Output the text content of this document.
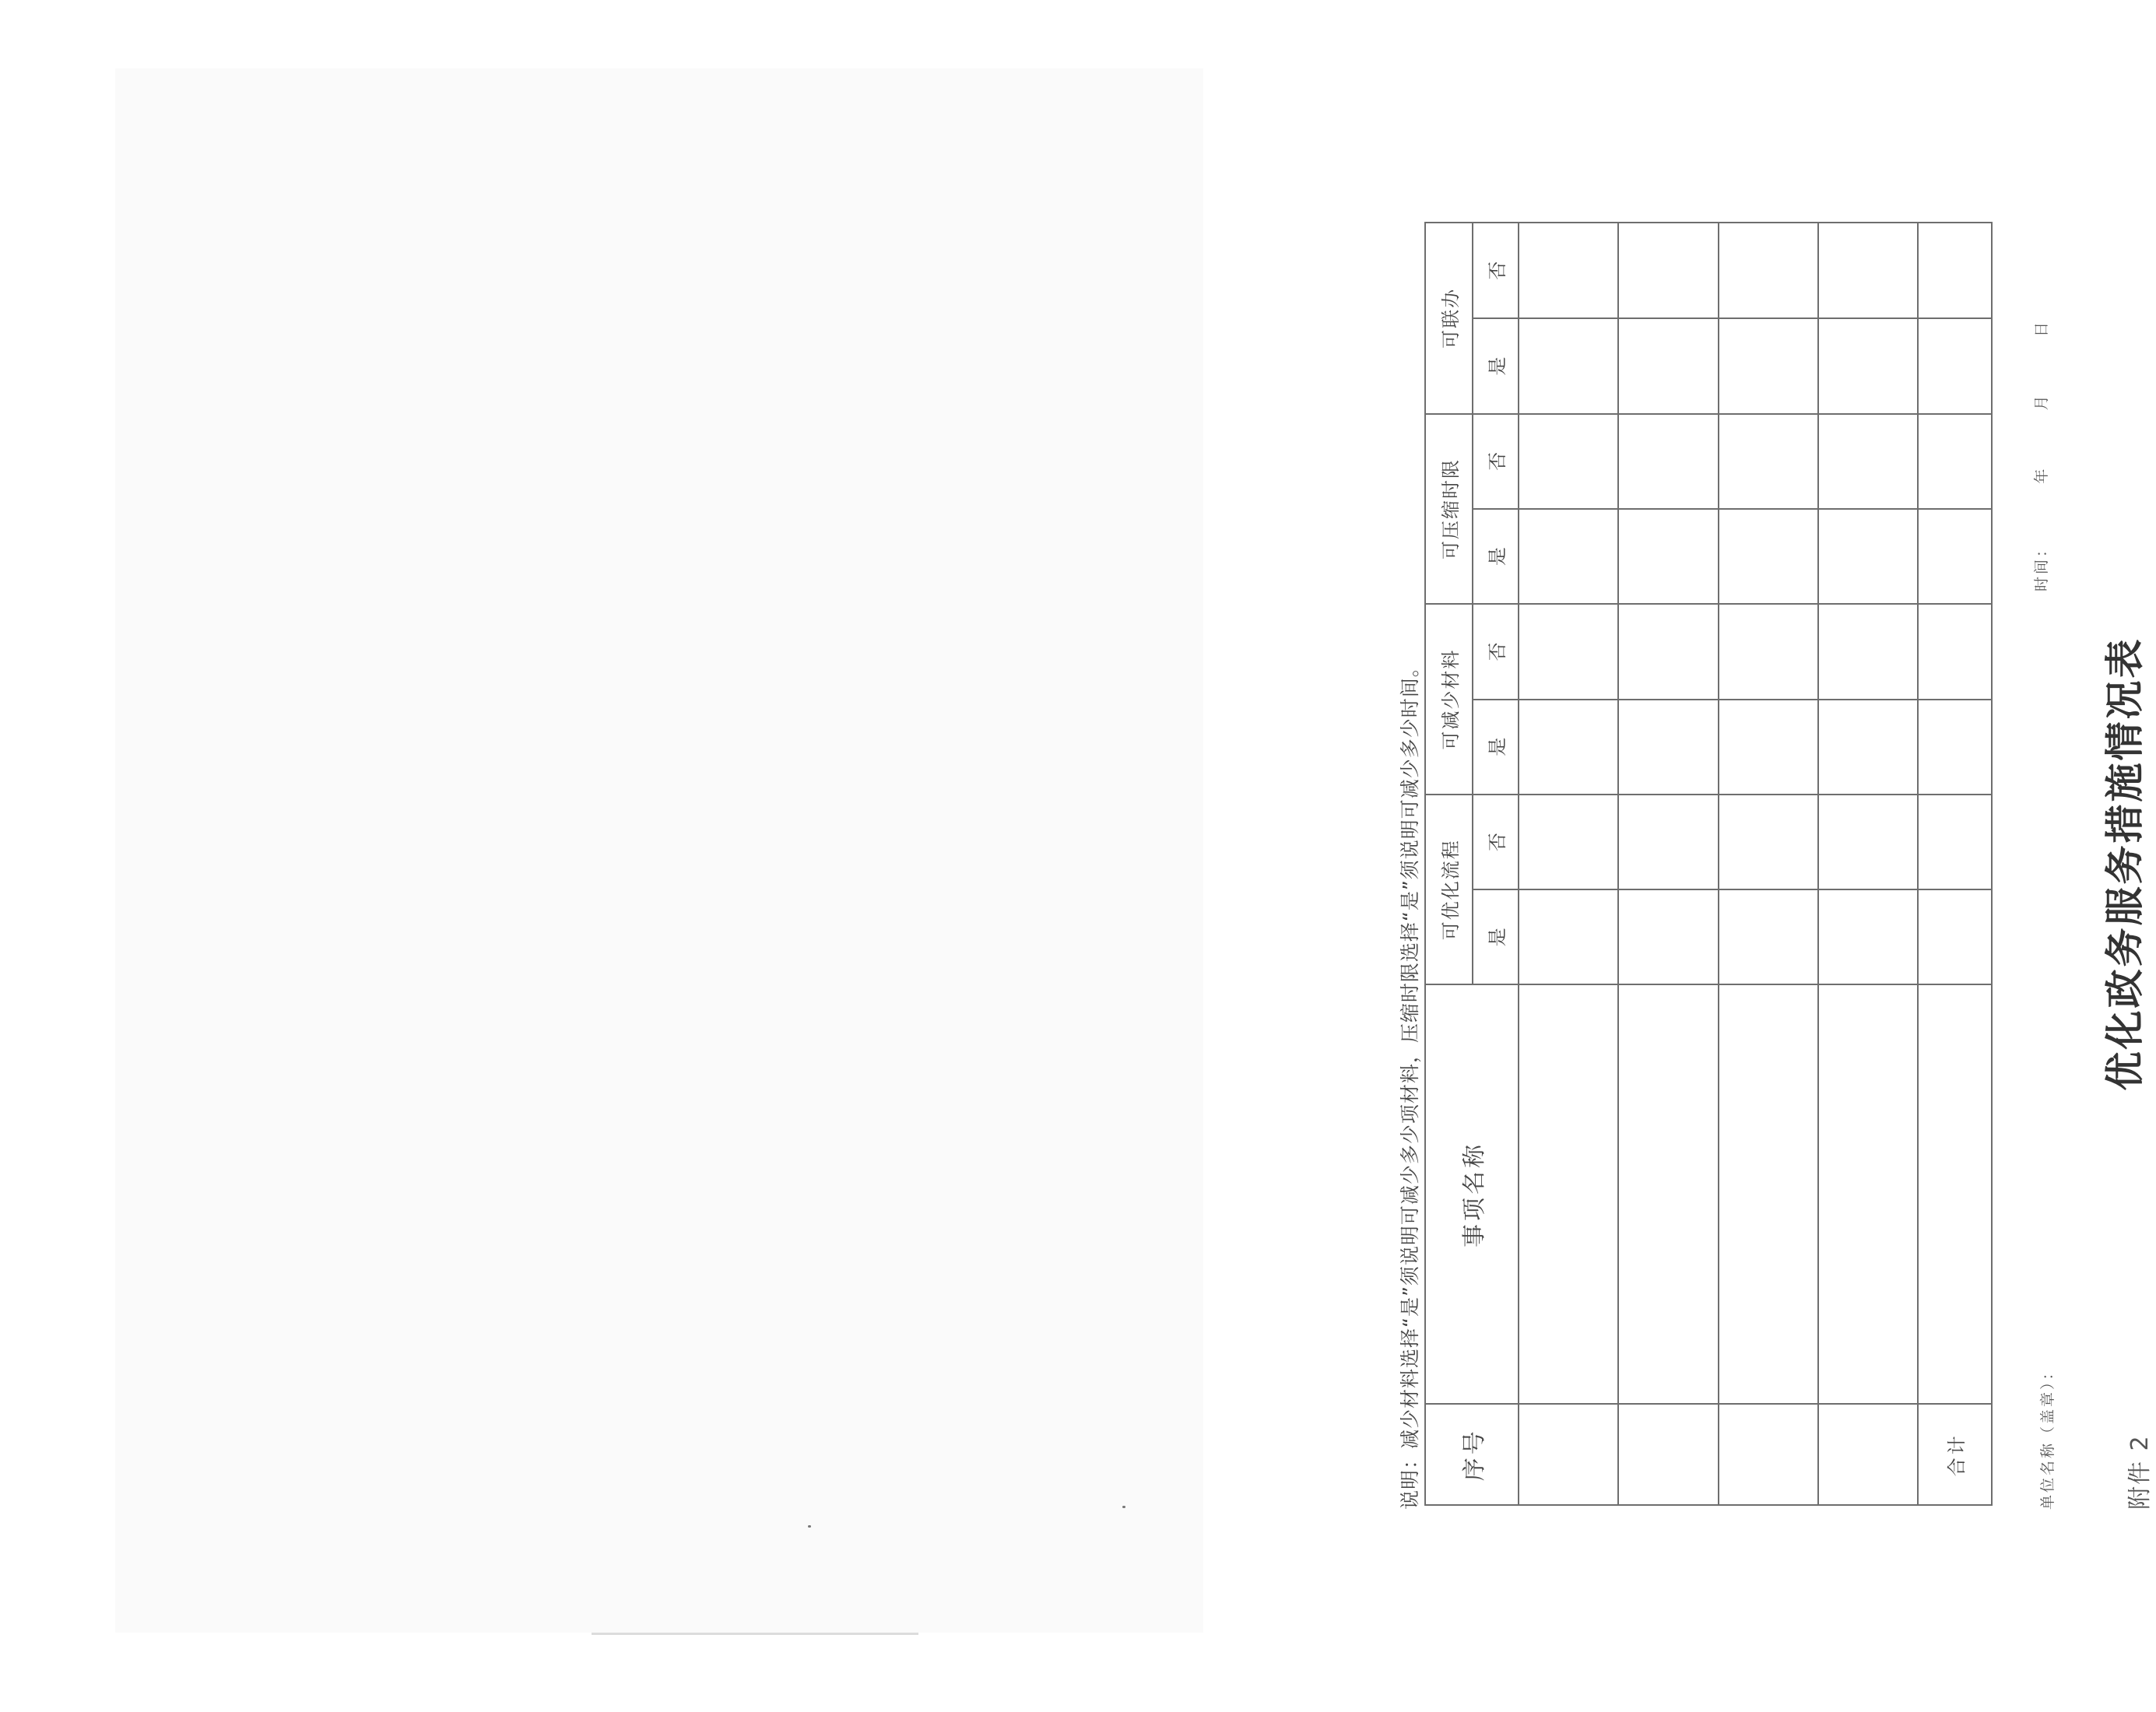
附件 2
优化政务服务措施情况表
单位名称（盖章）：
时间：        年        月        日
序号	事项名称	可优化流程		可减少材料		可压缩时限		可联办	
		是	否	是	否	是	否	是	否

合计									
说明：减少材料选择“是”须说明可减少多少项材料，压缩时限选择“是”须说明可减少多少时间。
